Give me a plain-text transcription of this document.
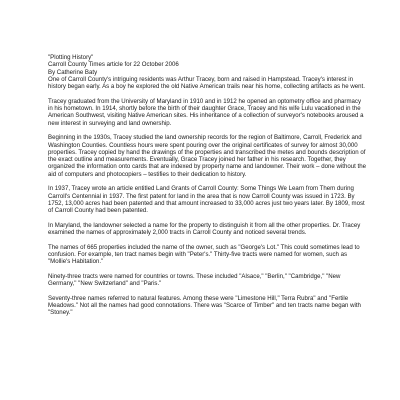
"Plotting History"
Carroll County Times article for 22 October 2006
By Catherine Baty

One of Carroll County's intriguing residents was Arthur Tracey, born and raised in Hampstead. Tracey's interest in history began early. As a boy he explored the old Native American trails near his home, collecting artifacts as he went.

Tracey graduated from the University of Maryland in 1910 and in 1912 he opened an optometry office and pharmacy in his hometown. In 1914, shortly before the birth of their daughter Grace, Tracey and his wife Lulu vacationed in the American Southwest, visiting Native American sites. His inheritance of a collection of surveyor's notebooks aroused a new interest in surveying and land ownership.

Beginning in the 1930s, Tracey studied the land ownership records for the region of Baltimore, Carroll, Frederick and Washington Counties. Countless hours were spent pouring over the original certificates of survey for almost 30,000 properties. Tracey copied by hand the drawings of the properties and transcribed the metes and bounds description of the exact outline and measurements. Eventually, Grace Tracey joined her father in his research. Together, they organized the information onto cards that are indexed by property name and landowner. Their work – done without the aid of computers and photocopiers – testifies to their dedication to history.

In 1937, Tracey wrote an article entitled Land Grants of Carroll County: Some Things We Learn from Them during Carroll's Centennial in 1937. The first patent for land in the area that is now Carroll County was issued in 1723. By 1752, 13,000 acres had been patented and that amount increased to 33,000 acres just two years later. By 1809, most of Carroll County had been patented.

In Maryland, the landowner selected a name for the property to distinguish it from all the other properties. Dr. Tracey examined the names of approximately 2,000 tracts in Carroll County and noticed several trends.

The names of 665 properties included the name of the owner, such as "George's Lot." This could sometimes lead to confusion. For example, ten tract names begin with "Peter's." Thirty-five tracts were named for women, such as "Mollie's Habitation."

Ninety-three tracts were named for countries or towns. These included "Alsace," "Berlin," "Cambridge," "New Germany," "New Switzerland" and "Paris."

Seventy-three names referred to natural features. Among these were "Limestone Hill," Terra Rubra" and "Fertile Meadows." Not all the names had good connotations. There was "Scarce of Timber" and ten tracts name began with "Stoney."
